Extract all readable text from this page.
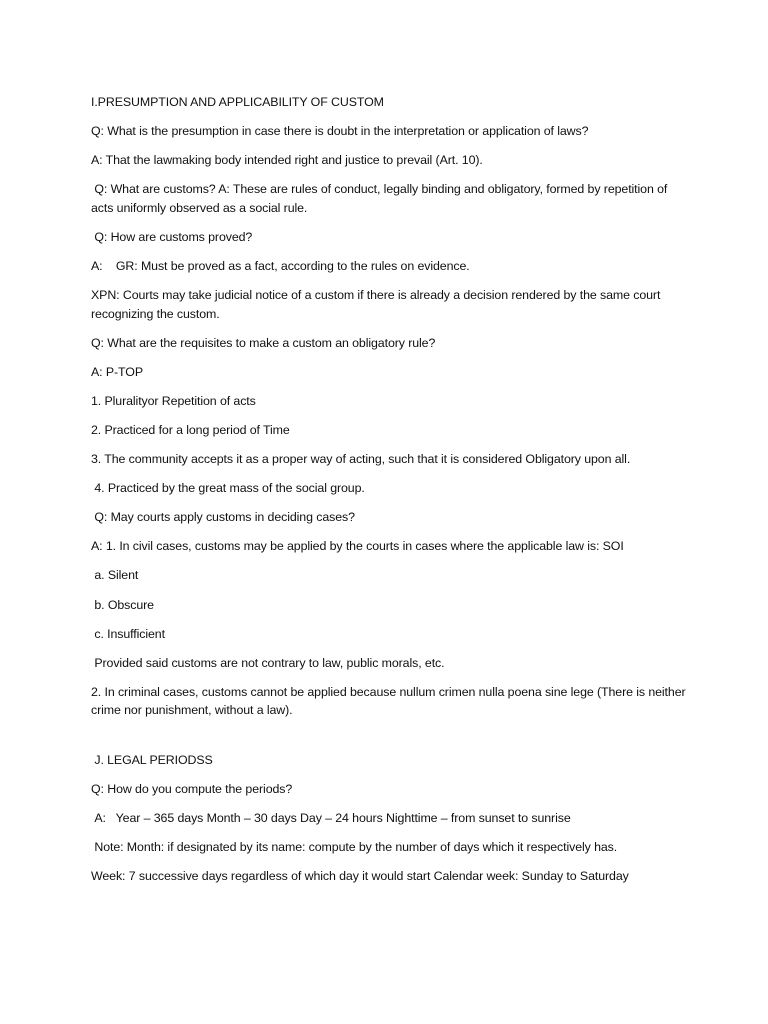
I.PRESUMPTION AND APPLICABILITY OF CUSTOM

Q: What is the presumption in case there is doubt in the interpretation or application of laws?

A: That the lawmaking body intended right and justice to prevail (Art. 10).

Q: What are customs? A: These are rules of conduct, legally binding and obligatory, formed by repetition of acts uniformly observed as a social rule.

Q: How are customs proved?

A:    GR: Must be proved as a fact, according to the rules on evidence.

XPN: Courts may take judicial notice of a custom if there is already a decision rendered by the same court recognizing the custom.

Q: What are the requisites to make a custom an obligatory rule?

A: P-TOP

1. Pluralityor Repetition of acts

2. Practiced for a long period of Time

3. The community accepts it as a proper way of acting, such that it is considered Obligatory upon all.

4. Practiced by the great mass of the social group.

Q: May courts apply customs in deciding cases?

A: 1. In civil cases, customs may be applied by the courts in cases where the applicable law is: SOI

a. Silent

b. Obscure

c. Insufficient

Provided said customs are not contrary to law, public morals, etc.

2. In criminal cases, customs cannot be applied because nullum crimen nulla poena sine lege (There is neither crime nor punishment, without a law).

J. LEGAL PERIODSS

Q: How do you compute the periods?

A:   Year – 365 days Month – 30 days Day – 24 hours Nighttime – from sunset to sunrise

Note: Month: if designated by its name: compute by the number of days which it respectively has.

Week: 7 successive days regardless of which day it would start Calendar week: Sunday to Saturday
